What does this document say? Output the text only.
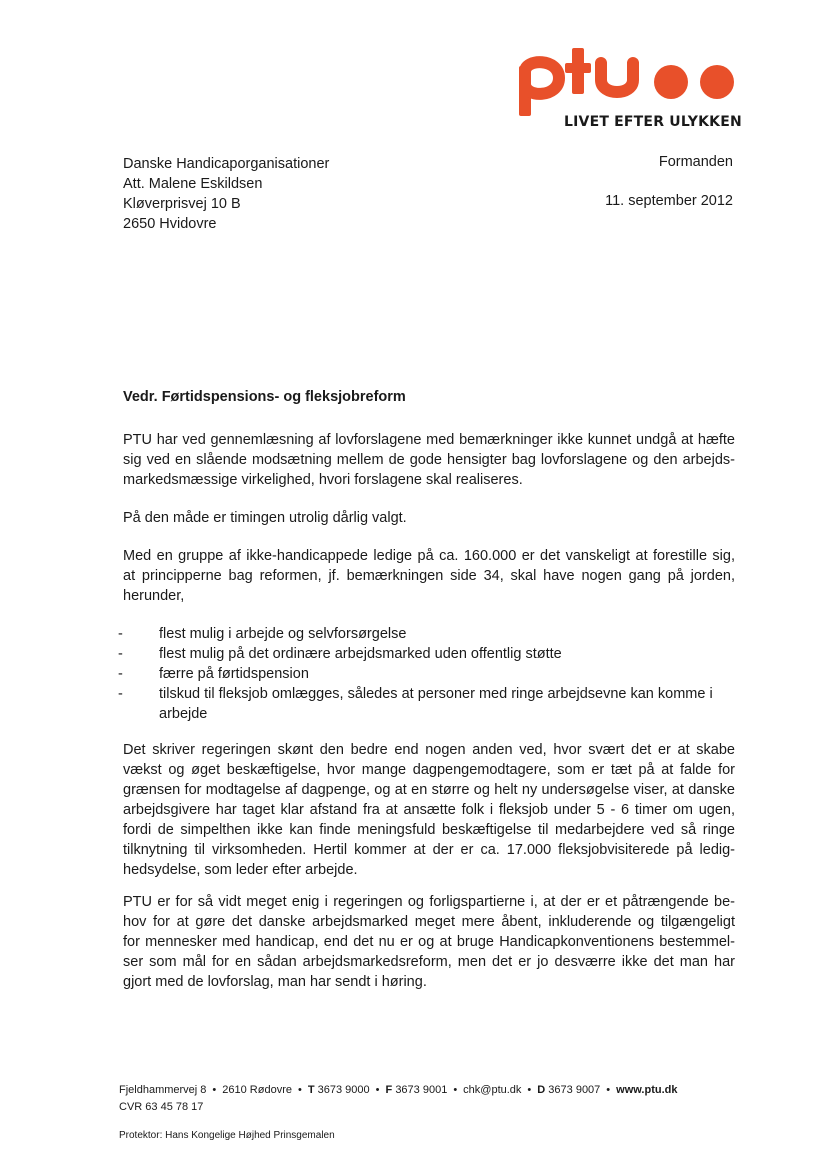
LIVET EFTER ULYKKEN
Danske Handicaporganisationer
Att. Malene Eskildsen
Kløverprisvej 10 B
2650 Hvidovre
Formanden
11. september 2012
Vedr. Førtidspensions- og fleksjobreform
PTU har ved gennemlæsning af lovforslagene med bemærkninger ikke kunnet undgå at hæfte
sig ved en slående modsætning mellem de gode hensigter bag lovforslagene og den arbejds-
markedsmæssige virkelighed, hvori forslagene skal realiseres.
På den måde er timingen utrolig dårlig valgt.
Med en gruppe af ikke-handicappede ledige på ca. 160.000 er det vanskeligt at forestille sig,
at principperne bag reformen, jf. bemærkningen side 34, skal have nogen gang på jorden,
herunder,
- flest mulig i arbejde og selvforsørgelse
- flest mulig på det ordinære arbejdsmarked uden offentlig støtte
- færre på førtidspension
- tilskud til fleksjob omlægges, således at personer med ringe arbejdsevne kan komme i arbejde
Det skriver regeringen skønt den bedre end nogen anden ved, hvor svært det er at skabe
vækst og øget beskæftigelse, hvor mange dagpengemodtagere, som er tæt på at falde for
grænsen for modtagelse af dagpenge, og at en større og helt ny undersøgelse viser, at danske
arbejdsgivere har taget klar afstand fra at ansætte folk i fleksjob under 5 - 6 timer om ugen,
fordi de simpelthen ikke kan finde meningsfuld beskæftigelse til medarbejdere ved så ringe
tilknytning til virksomheden. Hertil kommer at der er ca. 17.000 fleksjobvisiterede på ledig-
hedsydelse, som leder efter arbejde.
PTU er for så vidt meget enig i regeringen og forligspartierne i, at der er et påtrængende be-
hov for at gøre det danske arbejdsmarked meget mere åbent, inkluderende og tilgængeligt
for mennesker med handicap, end det nu er og at bruge Handicapkonventionens bestemmel-
ser som mål for en sådan arbejdsmarkedsreform, men det er jo desværre ikke det man har
gjort med de lovforslag, man har sendt i høring.
Fjeldhammervej 8 • 2610 Rødovre • T 3673 9000 • F 3673 9001 • chk@ptu.dk • D 3673 9007 • www.ptu.dk
CVR 63 45 78 17
Protektor: Hans Kongelige Højhed Prinsgemalen
